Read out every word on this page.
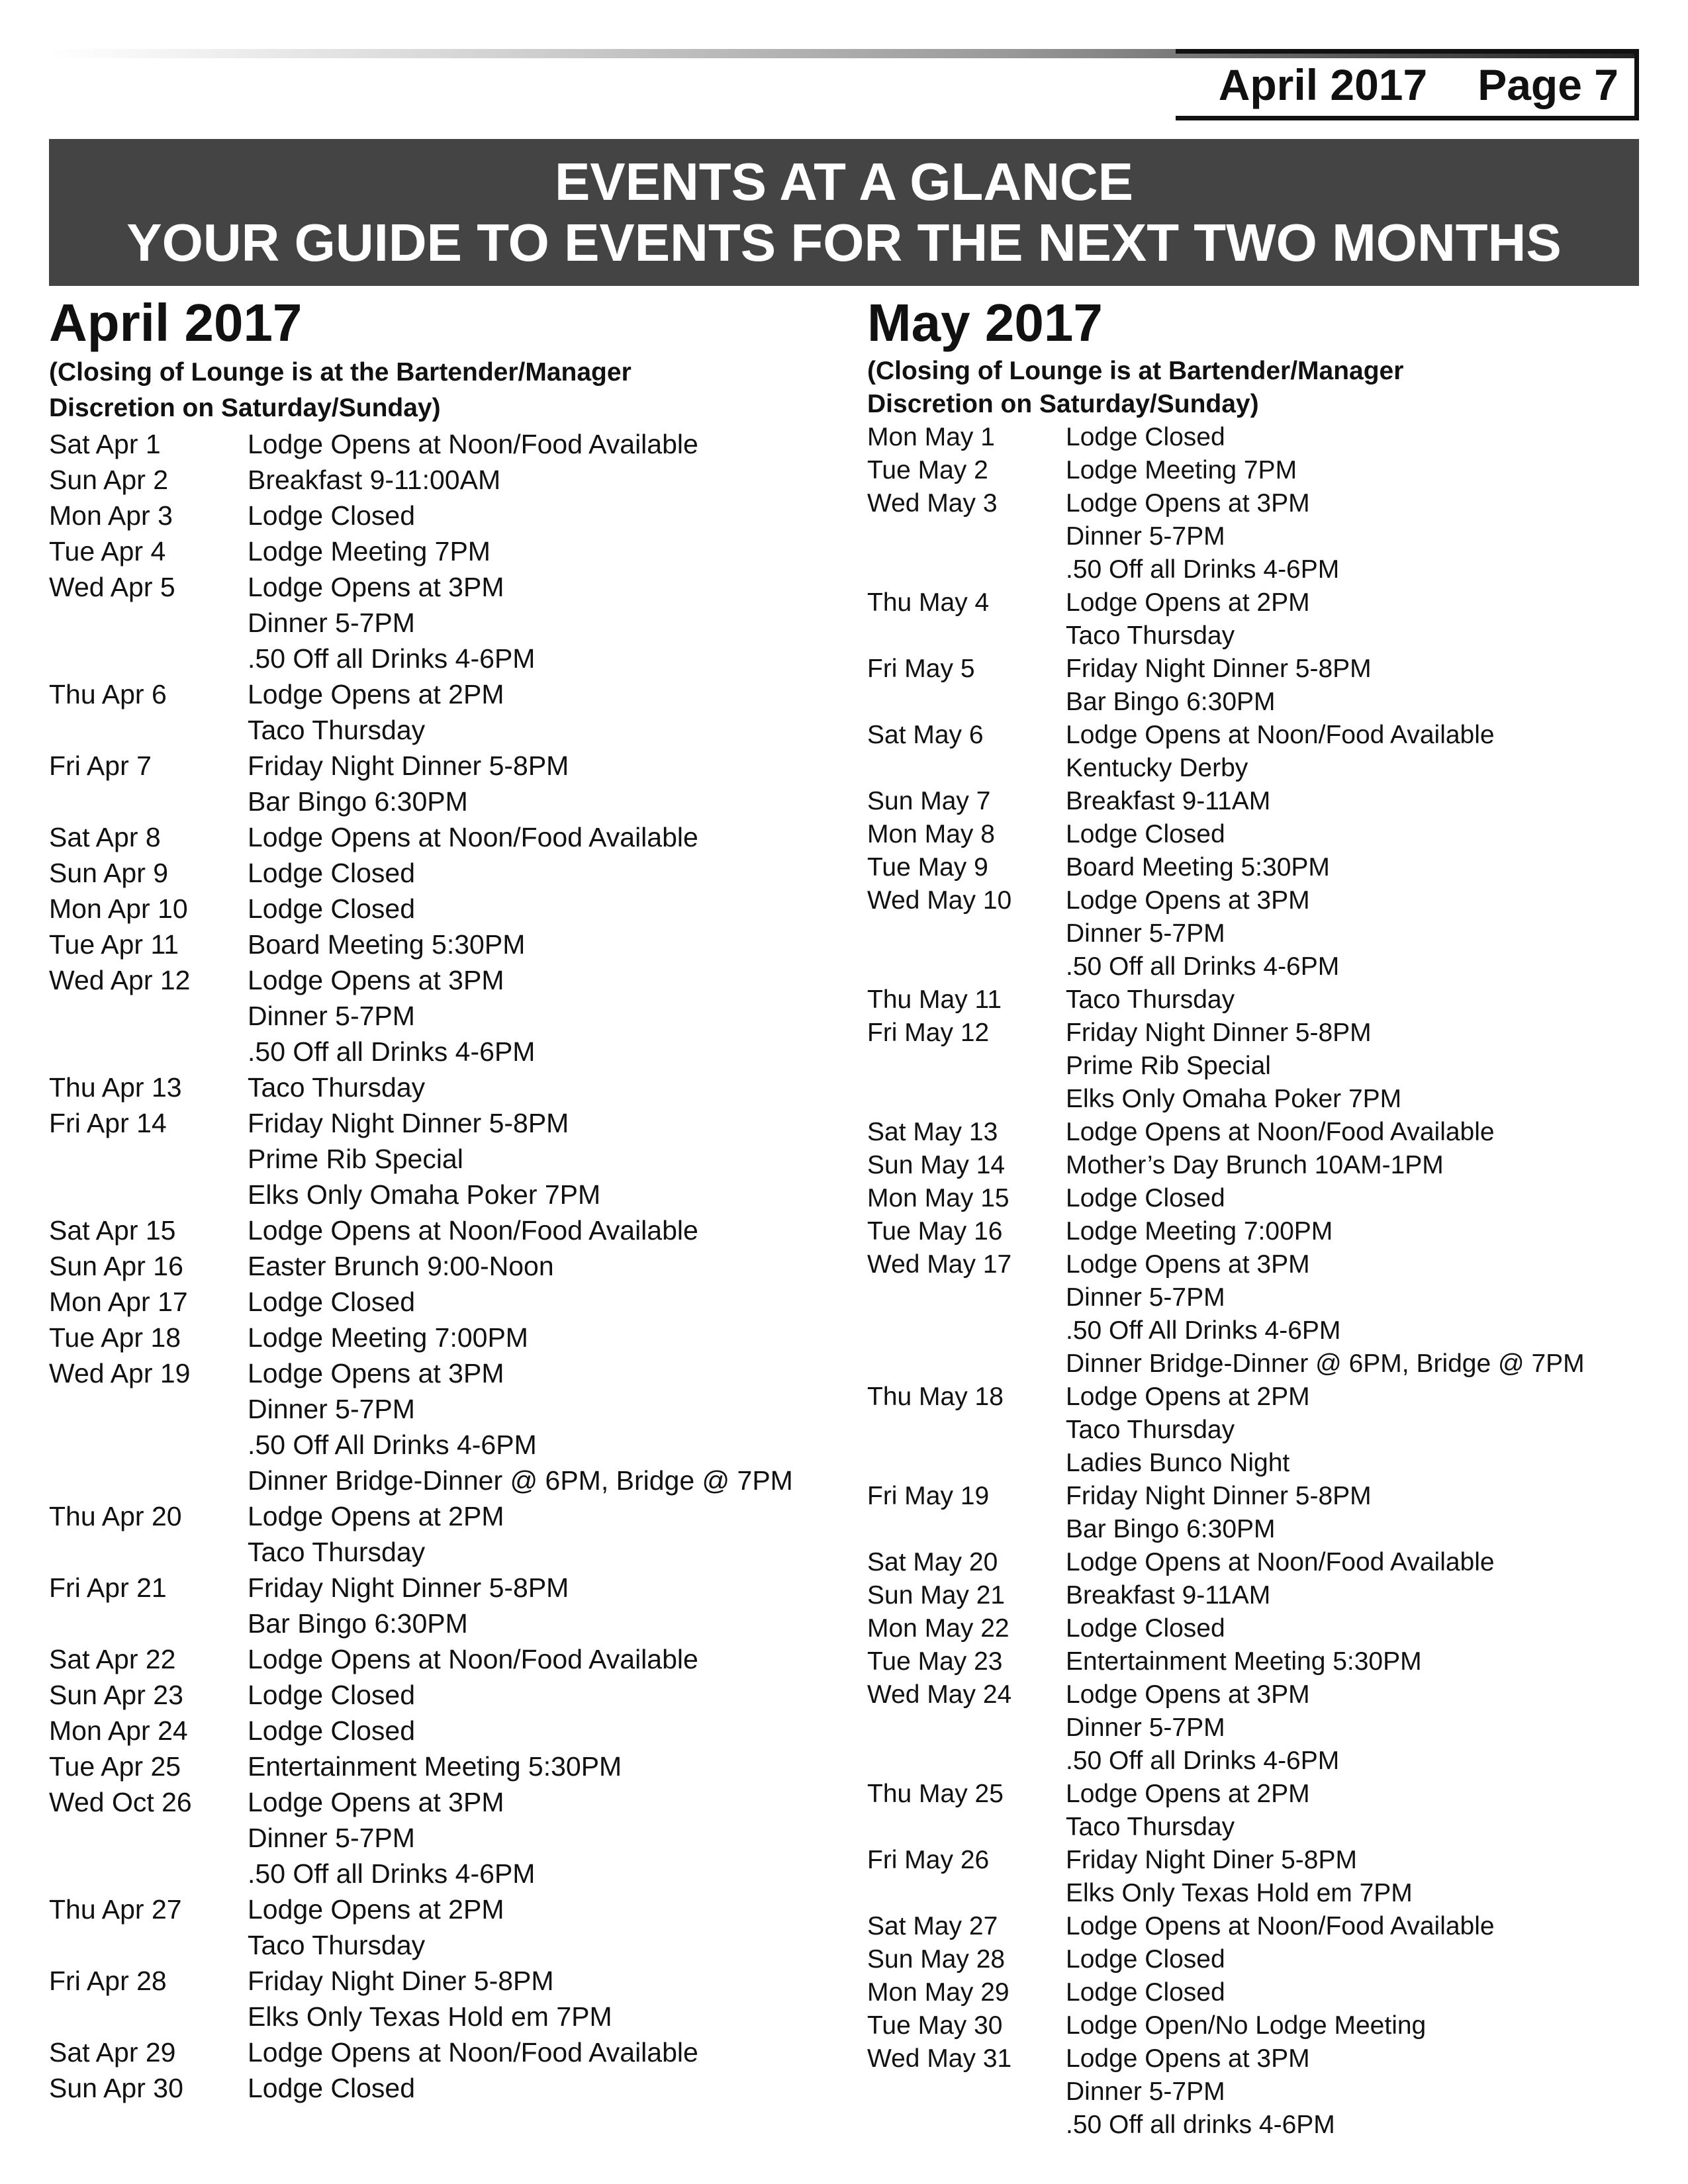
April 2017 Page 7
EVENTS AT A GLANCE
YOUR GUIDE TO EVENTS FOR THE NEXT TWO MONTHS
April 2017
(Closing of Lounge is at the Bartender/Manager
Discretion on Saturday/Sunday)
Sat Apr 1	Lodge Opens at Noon/Food Available
Sun Apr 2	Breakfast 9-11:00AM
Mon Apr 3	Lodge Closed
Tue Apr 4	Lodge Meeting 7PM
Wed Apr 5	Lodge Opens at 3PM
Dinner 5-7PM
.50 Off all Drinks 4-6PM
Thu Apr 6	Lodge Opens at 2PM
Taco Thursday
Fri Apr 7	Friday Night Dinner 5-8PM
Bar Bingo 6:30PM
Sat Apr 8	Lodge Opens at Noon/Food Available
Sun Apr 9	Lodge Closed
Mon Apr 10	Lodge Closed
Tue Apr 11	Board Meeting 5:30PM
Wed Apr 12	Lodge Opens at 3PM
Dinner 5-7PM
.50 Off all Drinks 4-6PM
Thu Apr 13	Taco Thursday
Fri Apr 14	Friday Night Dinner 5-8PM
Prime Rib Special
Elks Only Omaha Poker 7PM
Sat Apr 15	Lodge Opens at Noon/Food Available
Sun Apr 16	Easter Brunch 9:00-Noon
Mon Apr 17	Lodge Closed
Tue Apr 18	Lodge Meeting 7:00PM
Wed Apr 19	Lodge Opens at 3PM
Dinner 5-7PM
.50 Off All Drinks 4-6PM
Dinner Bridge-Dinner @ 6PM, Bridge @ 7PM
Thu Apr 20	Lodge Opens at 2PM
Taco Thursday
Fri Apr 21	Friday Night Dinner 5-8PM
Bar Bingo 6:30PM
Sat Apr 22	Lodge Opens at Noon/Food Available
Sun Apr 23	Lodge Closed
Mon Apr 24	Lodge Closed
Tue Apr 25	Entertainment Meeting 5:30PM
Wed Oct 26	Lodge Opens at 3PM
Dinner 5-7PM
.50 Off all Drinks 4-6PM
Thu Apr 27	Lodge Opens at 2PM
Taco Thursday
Fri Apr 28	Friday Night Diner 5-8PM
Elks Only Texas Hold em 7PM
Sat Apr 29	Lodge Opens at Noon/Food Available
Sun Apr 30	Lodge Closed
May 2017
(Closing of Lounge is at Bartender/Manager
Discretion on Saturday/Sunday)
Mon May 1	Lodge Closed
Tue May 2	Lodge Meeting 7PM
Wed May 3	Lodge Opens at 3PM
Dinner 5-7PM
.50 Off all Drinks 4-6PM
Thu May 4	Lodge Opens at 2PM
Taco Thursday
Fri May 5	Friday Night Dinner 5-8PM
Bar Bingo 6:30PM
Sat May 6	Lodge Opens at Noon/Food Available
Kentucky Derby
Sun May 7	Breakfast 9-11AM
Mon May 8	Lodge Closed
Tue May 9	Board Meeting 5:30PM
Wed May 10	Lodge Opens at 3PM
Dinner 5-7PM
.50 Off all Drinks 4-6PM
Thu May 11	Taco Thursday
Fri May 12	Friday Night Dinner 5-8PM
Prime Rib Special
Elks Only Omaha Poker 7PM
Sat May 13	Lodge Opens at Noon/Food Available
Sun May 14	Mother’s Day Brunch 10AM-1PM
Mon May 15	Lodge Closed
Tue May 16	Lodge Meeting 7:00PM
Wed May 17	Lodge Opens at 3PM
Dinner 5-7PM
.50 Off All Drinks 4-6PM
Dinner Bridge-Dinner @ 6PM, Bridge @ 7PM
Thu May 18	Lodge Opens at 2PM
Taco Thursday
Ladies Bunco Night
Fri May 19	Friday Night Dinner 5-8PM
Bar Bingo 6:30PM
Sat May 20	Lodge Opens at Noon/Food Available
Sun May 21	Breakfast 9-11AM
Mon May 22	Lodge Closed
Tue May 23	Entertainment Meeting 5:30PM
Wed May 24	Lodge Opens at 3PM
Dinner 5-7PM
.50 Off all Drinks 4-6PM
Thu May 25	Lodge Opens at 2PM
Taco Thursday
Fri May 26	Friday Night Diner 5-8PM
Elks Only Texas Hold em 7PM
Sat May 27	Lodge Opens at Noon/Food Available
Sun May 28	Lodge Closed
Mon May 29	Lodge Closed
Tue May 30	Lodge Open/No Lodge Meeting
Wed May 31	Lodge Opens at 3PM
Dinner 5-7PM
.50 Off all drinks 4-6PM
